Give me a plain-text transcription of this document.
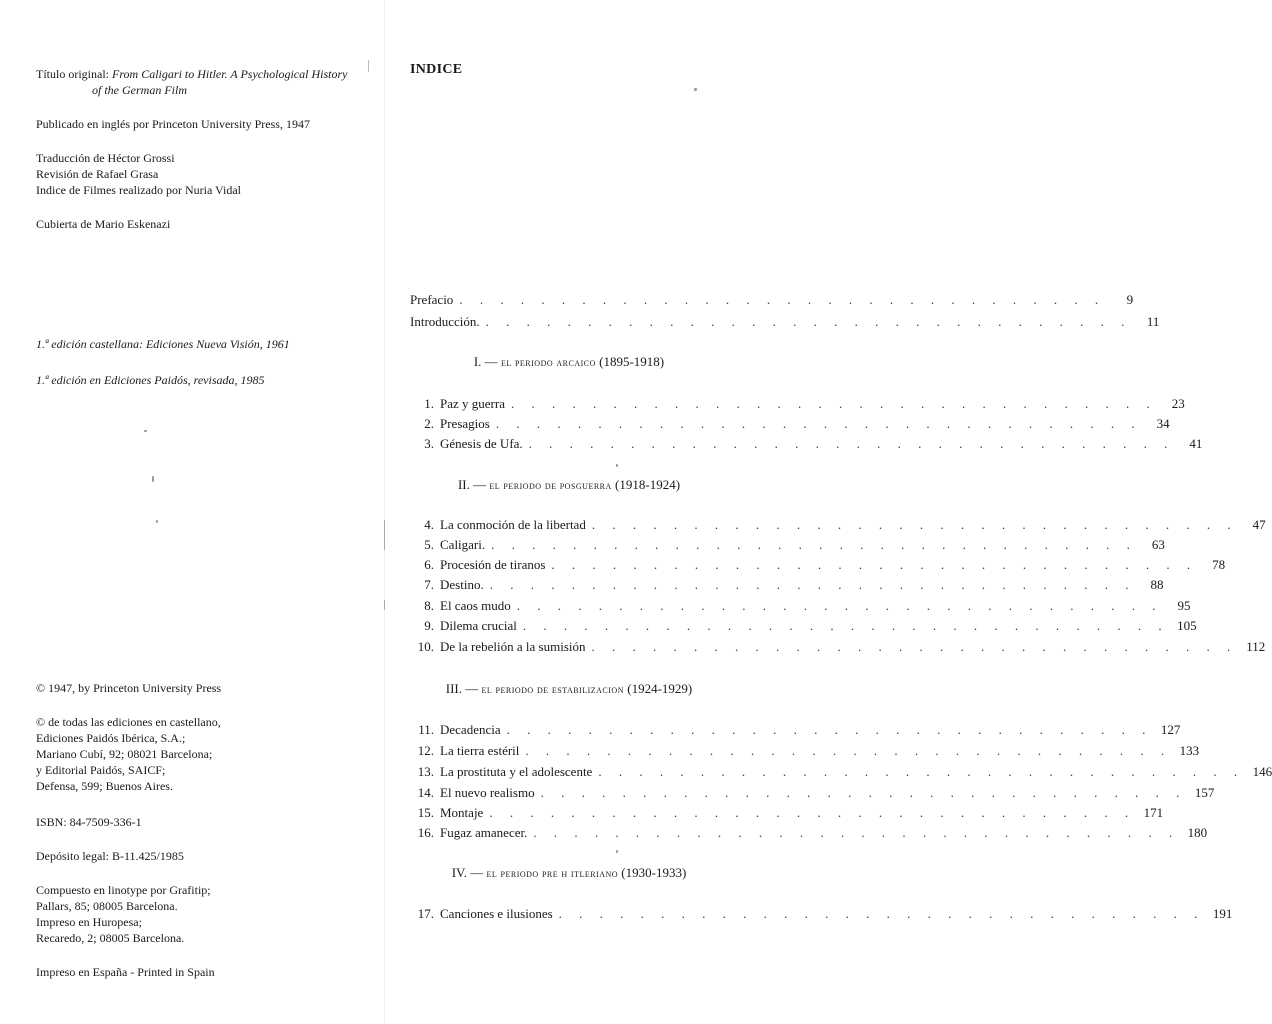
Título original: From Caligari to Hitler. A Psychological History
of the German Film
Publicado en inglés por Princeton University Press, 1947
Traducción de Héctor Grossi
Revisión de Rafael Grasa
Indice de Filmes realizado por Nuria Vidal
Cubierta de Mario Eskenazi
1.ª edición castellana: Ediciones Nueva Visión, 1961
1.ª edición en Ediciones Paidós, revisada, 1985
© 1947, by Princeton University Press
© de todas las ediciones en castellano,
Ediciones Paidós Ibérica, S.A.;
Mariano Cubí, 92; 08021 Barcelona;
y Editorial Paidós, SAICF;
Defensa, 599; Buenos Aires.
ISBN: 84-7509-336-1
Depósito legal: B-11.425/1985
Compuesto en linotype por Grafitip;
Pallars, 85; 08005 Barcelona.
Impreso en Huropesa;
Recaredo, 2; 08005 Barcelona.
Impreso en España - Printed in Spain
INDICE
Prefacio . . . . . . . . . . . . . . . . . . . . . . . . . . . . . . . .	9
Introducción. . . . . . . . . . . . . . . . . . . . . . . . . . . . . . . . .	11
I. — el periodo arcaico (1895-1918)
1. Paz y guerra . . . . . . . . . . . . . . . . . . . . . . . . . . . . . . . .	23
2. Presagios . . . . . . . . . . . . . . . . . . . . . . . . . . . . . . . .	34
3. Génesis de Ufa. . . . . . . . . . . . . . . . . . . . . . . . . . . . . . . . .	41
II. — el periodo de posguerra (1918-1924)
4. La conmoción de la libertad . . . . . . . . . . . . . . . . . . . . . . . . . . . . . . . .	47
5. Caligari. . . . . . . . . . . . . . . . . . . . . . . . . . . . . . . . .	63
6. Procesión de tiranos . . . . . . . . . . . . . . . . . . . . . . . . . . . . . . . .	78
7. Destino. . . . . . . . . . . . . . . . . . . . . . . . . . . . . . . . .	88
8. El caos mudo . . . . . . . . . . . . . . . . . . . . . . . . . . . . . . . .	95
9. Dilema crucial . . . . . . . . . . . . . . . . . . . . . . . . . . . . . . . . 105
10. De la rebelión a la sumisión . . . . . . . . . . . . . . . . . . . . . . . . . . . . . . . . 112
III. — el periodo de estabilizacion (1924-1929)
11. Decadencia . . . . . . . . . . . . . . . . . . . . . . . . . . . . . . . . 127
12. La tierra estéril . . . . . . . . . . . . . . . . . . . . . . . . . . . . . . . . 133
13. La prostituta y el adolescente . . . . . . . . . . . . . . . . . . . . . . . . . . . . . . . . 146
14. El nuevo realismo . . . . . . . . . . . . . . . . . . . . . . . . . . . . . . . . 157
15. Montaje . . . . . . . . . . . . . . . . . . . . . . . . . . . . . . . . 171
16. Fugaz amanecer. . . . . . . . . . . . . . . . . . . . . . . . . . . . . . . . . 180
IV. — el periodo pre h itleriano (1930-1933)
17. Canciones e ilusiones . . . . . . . . . . . . . . . . . . . . . . . . . . . . . . . . 191
